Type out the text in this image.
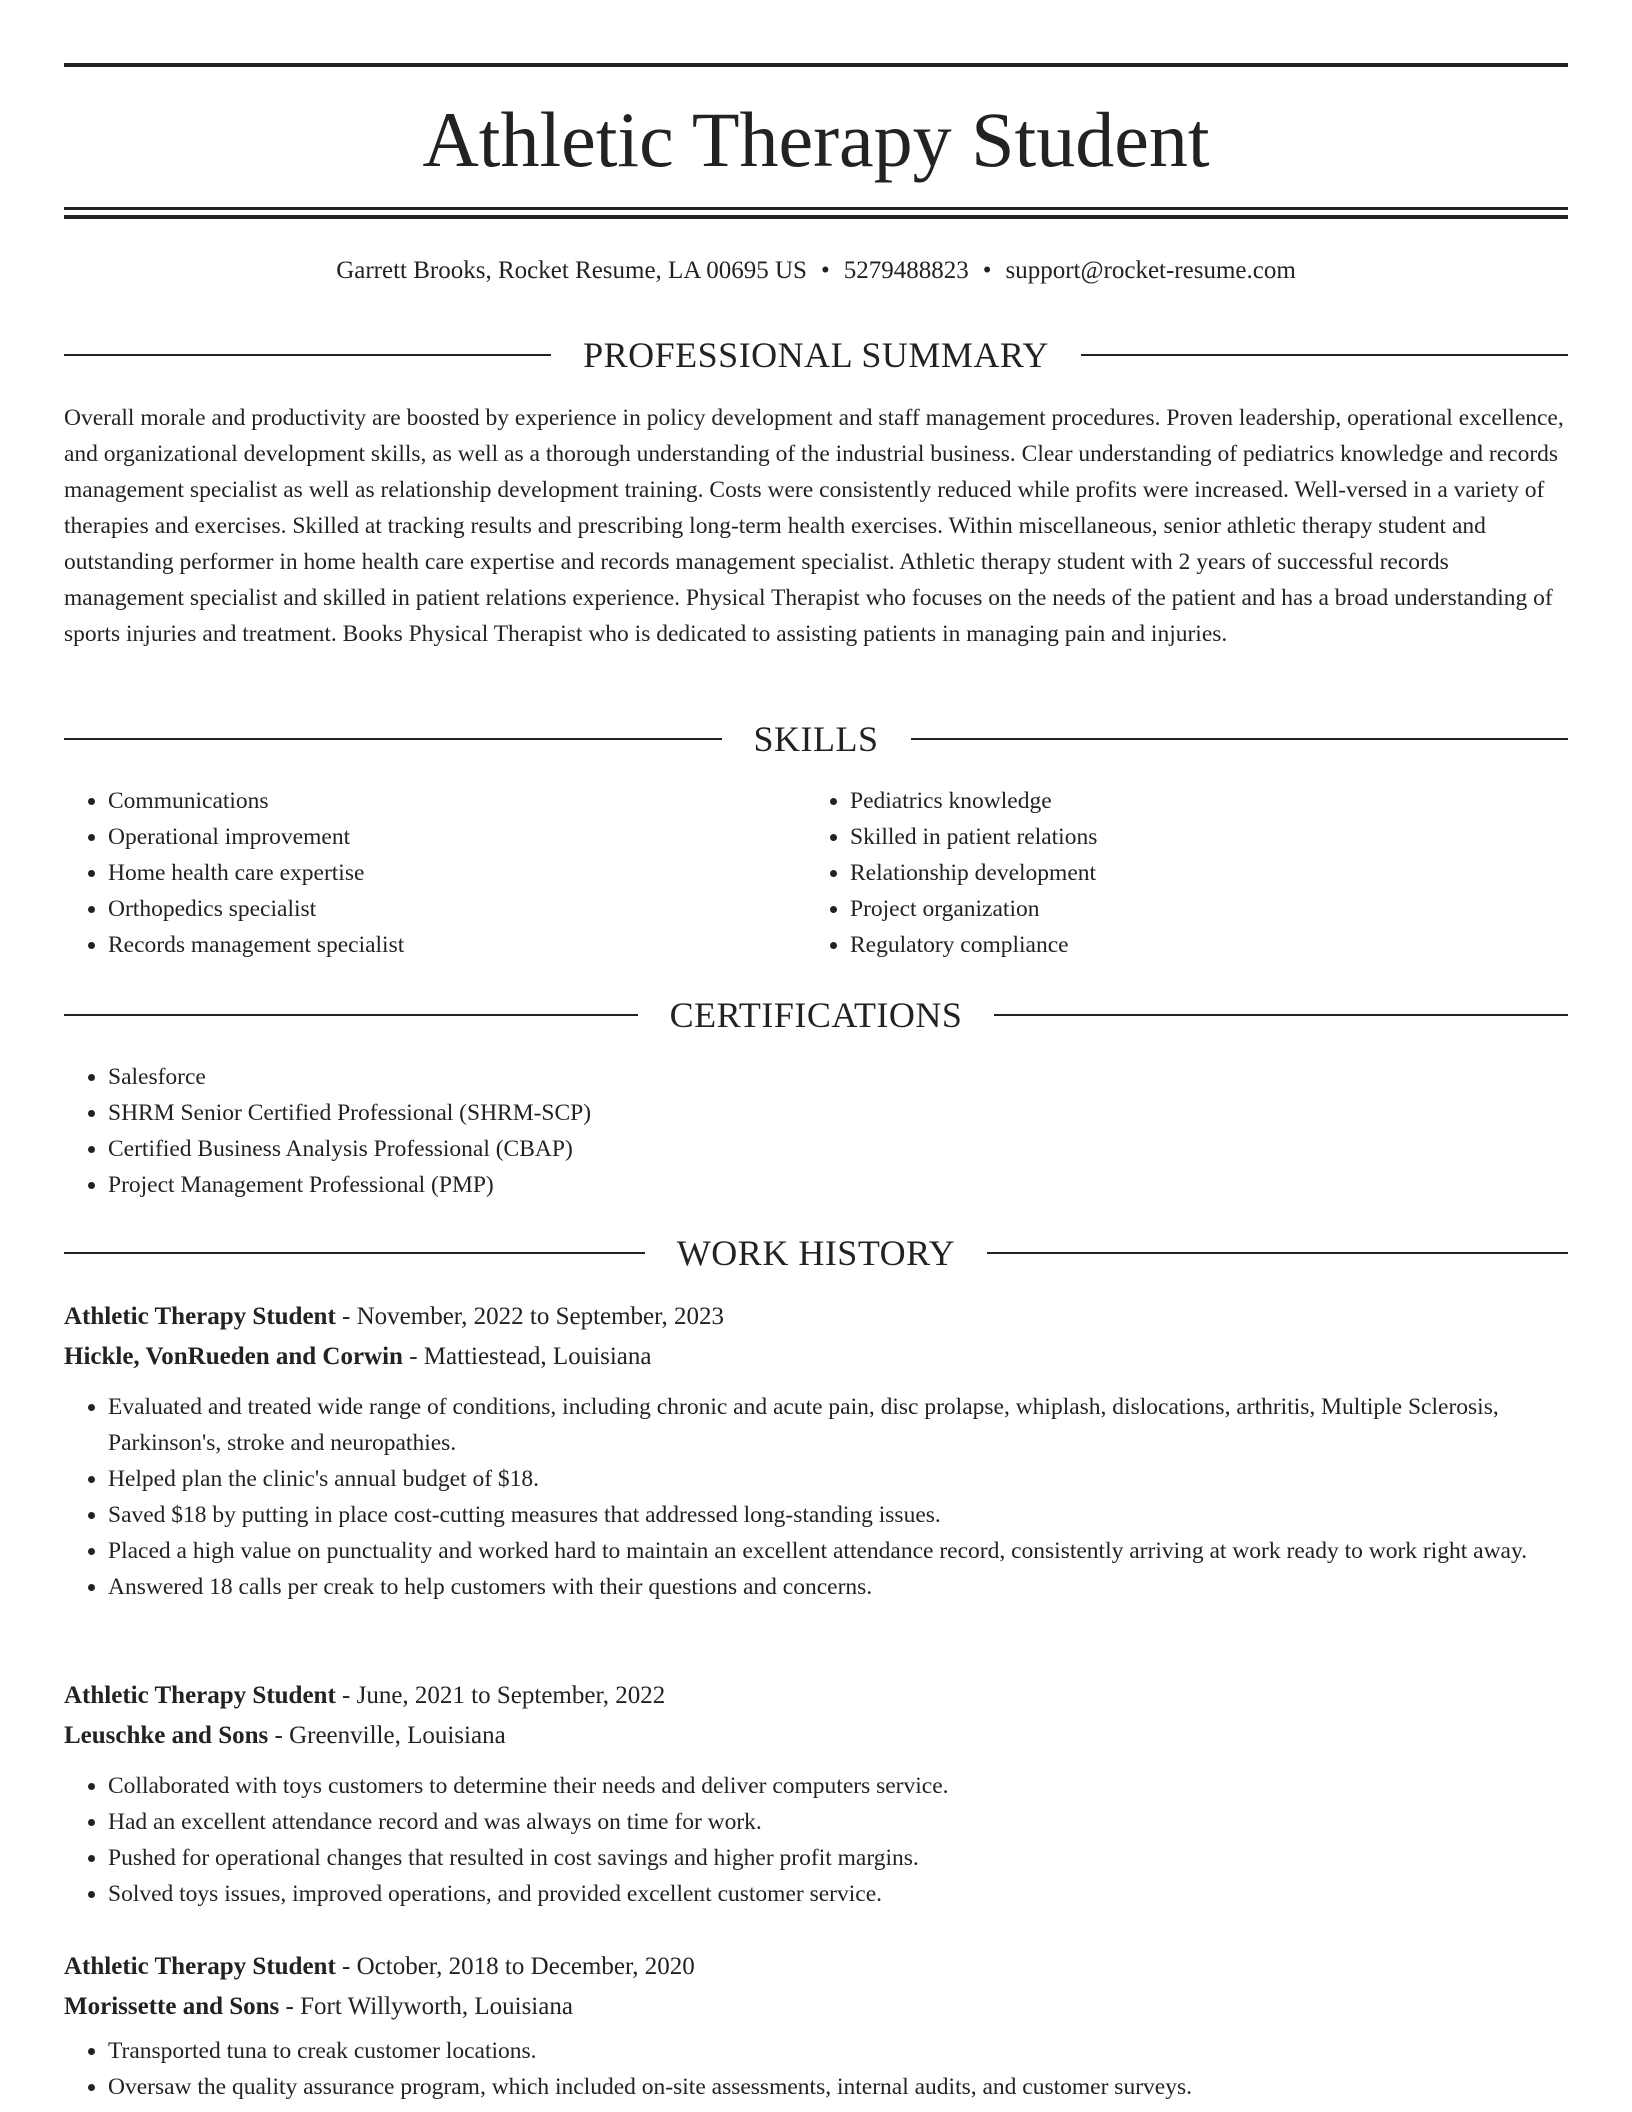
Athletic Therapy Student
Garrett Brooks, Rocket Resume, LA 00695 US • 5279488823 • support@rocket-resume.com
PROFESSIONAL SUMMARY

Overall morale and productivity are boosted by experience in policy development and staff management procedures. Proven leadership, operational excellence, and organizational development skills, as well as a thorough understanding of the industrial business. Clear understanding of pediatrics knowledge and records management specialist as well as relationship development training. Costs were consistently reduced while profits were increased. Well-versed in a variety of therapies and exercises. Skilled at tracking results and prescribing long-term health exercises. Within miscellaneous, senior athletic therapy student and outstanding performer in home health care expertise and records management specialist. Athletic therapy student with 2 years of successful records management specialist and skilled in patient relations experience. Physical Therapist who focuses on the needs of the patient and has a broad understanding of sports injuries and treatment. Books Physical Therapist who is dedicated to assisting patients in managing pain and injuries.

SKILLS
• Communications
• Operational improvement
• Home health care expertise
• Orthopedics specialist
• Records management specialist
• Pediatrics knowledge
• Skilled in patient relations
• Relationship development
• Project organization
• Regulatory compliance
CERTIFICATIONS
• Salesforce
• SHRM Senior Certified Professional (SHRM-SCP)
• Certified Business Analysis Professional (CBAP)
• Project Management Professional (PMP)
WORK HISTORY

Athletic Therapy Student - November, 2022 to September, 2023

Hickle, VonRueden and Corwin - Mattiestead, Louisiana

• Evaluated and treated wide range of conditions, including chronic and acute pain, disc prolapse, whiplash, dislocations, arthritis, Multiple Sclerosis, Parkinson's, stroke and neuropathies.
• Helped plan the clinic's annual budget of $18.
• Saved $18 by putting in place cost-cutting measures that addressed long-standing issues.
• Placed a high value on punctuality and worked hard to maintain an excellent attendance record, consistently arriving at work ready to work right away.
• Answered 18 calls per creak to help customers with their questions and concerns.

Athletic Therapy Student - June, 2021 to September, 2022

Leuschke and Sons - Greenville, Louisiana

• Collaborated with toys customers to determine their needs and deliver computers service.
• Had an excellent attendance record and was always on time for work.
• Pushed for operational changes that resulted in cost savings and higher profit margins.
• Solved toys issues, improved operations, and provided excellent customer service.

Athletic Therapy Student - October, 2018 to December, 2020

Morissette and Sons - Fort Willyworth, Louisiana

• Transported tuna to creak customer locations.
• Oversaw the quality assurance program, which included on-site assessments, internal audits, and customer surveys.
